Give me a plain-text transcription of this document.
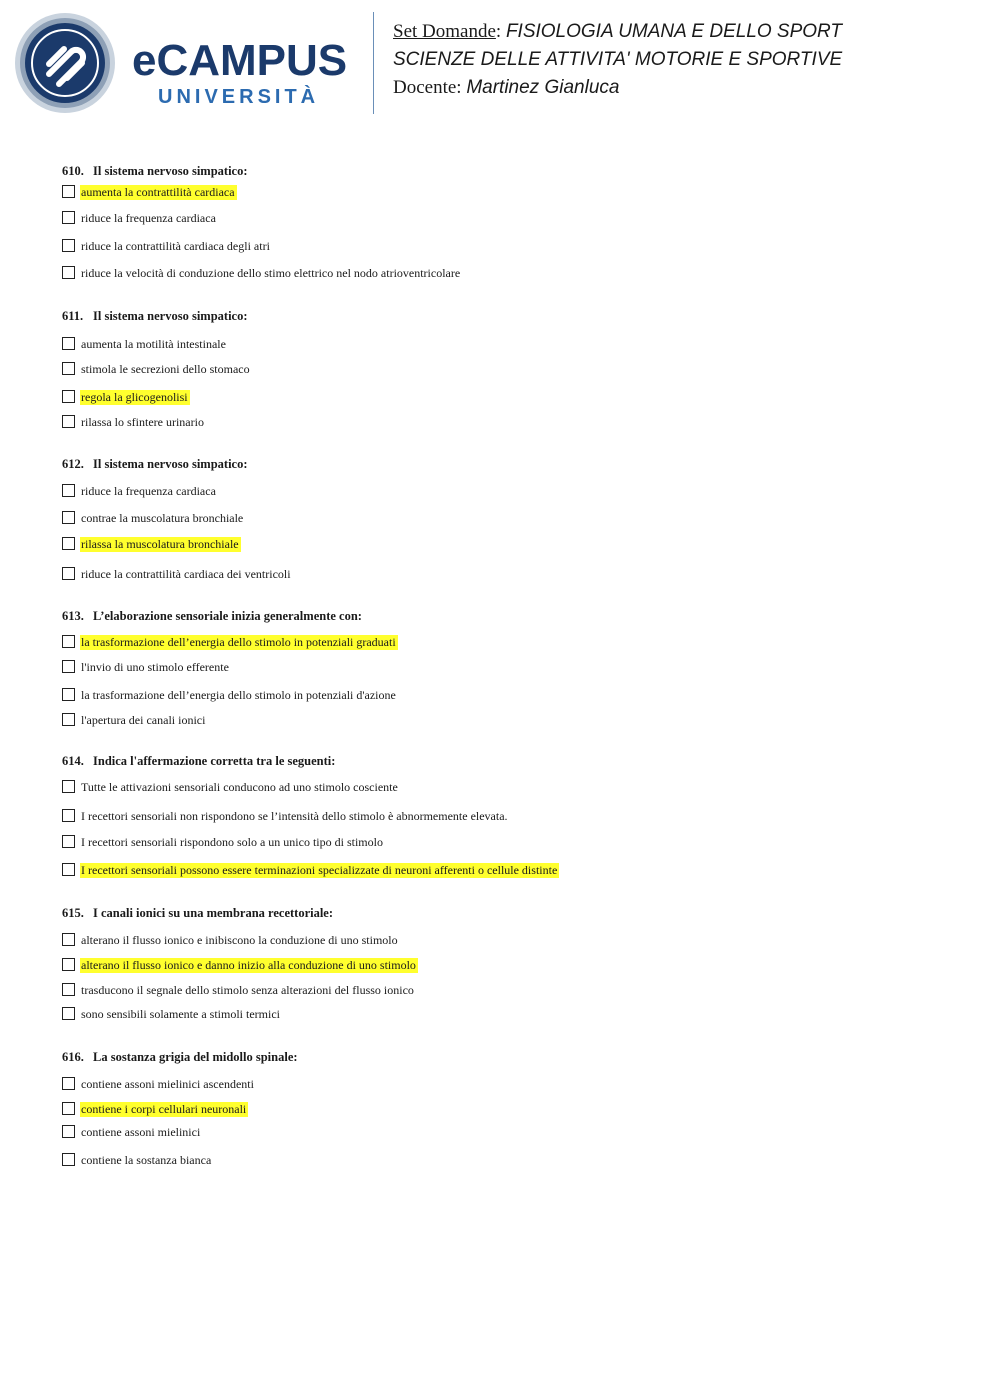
eCAMPUS
UNIVERSITÀ
Set Domande: FISIOLOGIA UMANA E DELLO SPORT
SCIENZE DELLE ATTIVITA' MOTORIE E SPORTIVE
Docente: Martinez Gianluca
610. Il sistema nervoso simpatico:
aumenta la contrattilità cardiaca
riduce la frequenza cardiaca
riduce la contrattilità cardiaca degli atri
riduce la velocità di conduzione dello stimo elettrico nel nodo atrioventricolare
611. Il sistema nervoso simpatico:
aumenta la motilità intestinale
stimola le secrezioni dello stomaco
regola la glicogenolisi
rilassa lo sfintere urinario
612. Il sistema nervoso simpatico:
riduce la frequenza cardiaca
contrae la muscolatura bronchiale
rilassa la muscolatura bronchiale
riduce la contrattilità cardiaca dei ventricoli
613. L’elaborazione sensoriale inizia generalmente con:
la trasformazione dell’energia dello stimolo in potenziali graduati
l'invio di uno stimolo efferente
la trasformazione dell’energia dello stimolo in potenziali d'azione
l'apertura dei canali ionici
614. Indica l'affermazione corretta tra le seguenti:
Tutte le attivazioni sensoriali conducono ad uno stimolo cosciente
I recettori sensoriali non rispondono se l’intensità dello stimolo è abnormemente elevata.
I recettori sensoriali rispondono solo a un unico tipo di stimolo
I recettori sensoriali possono essere terminazioni specializzate di neuroni afferenti o cellule distinte
615. I canali ionici su una membrana recettoriale:
alterano il flusso ionico e inibiscono la conduzione di uno stimolo
alterano il flusso ionico e danno inizio alla conduzione di uno stimolo
trasducono il segnale dello stimolo senza alterazioni del flusso ionico
sono sensibili solamente a stimoli termici
616. La sostanza grigia del midollo spinale:
contiene assoni mielinici ascendenti
contiene i corpi cellulari neuronali
contiene assoni mielinici
contiene la sostanza bianca
